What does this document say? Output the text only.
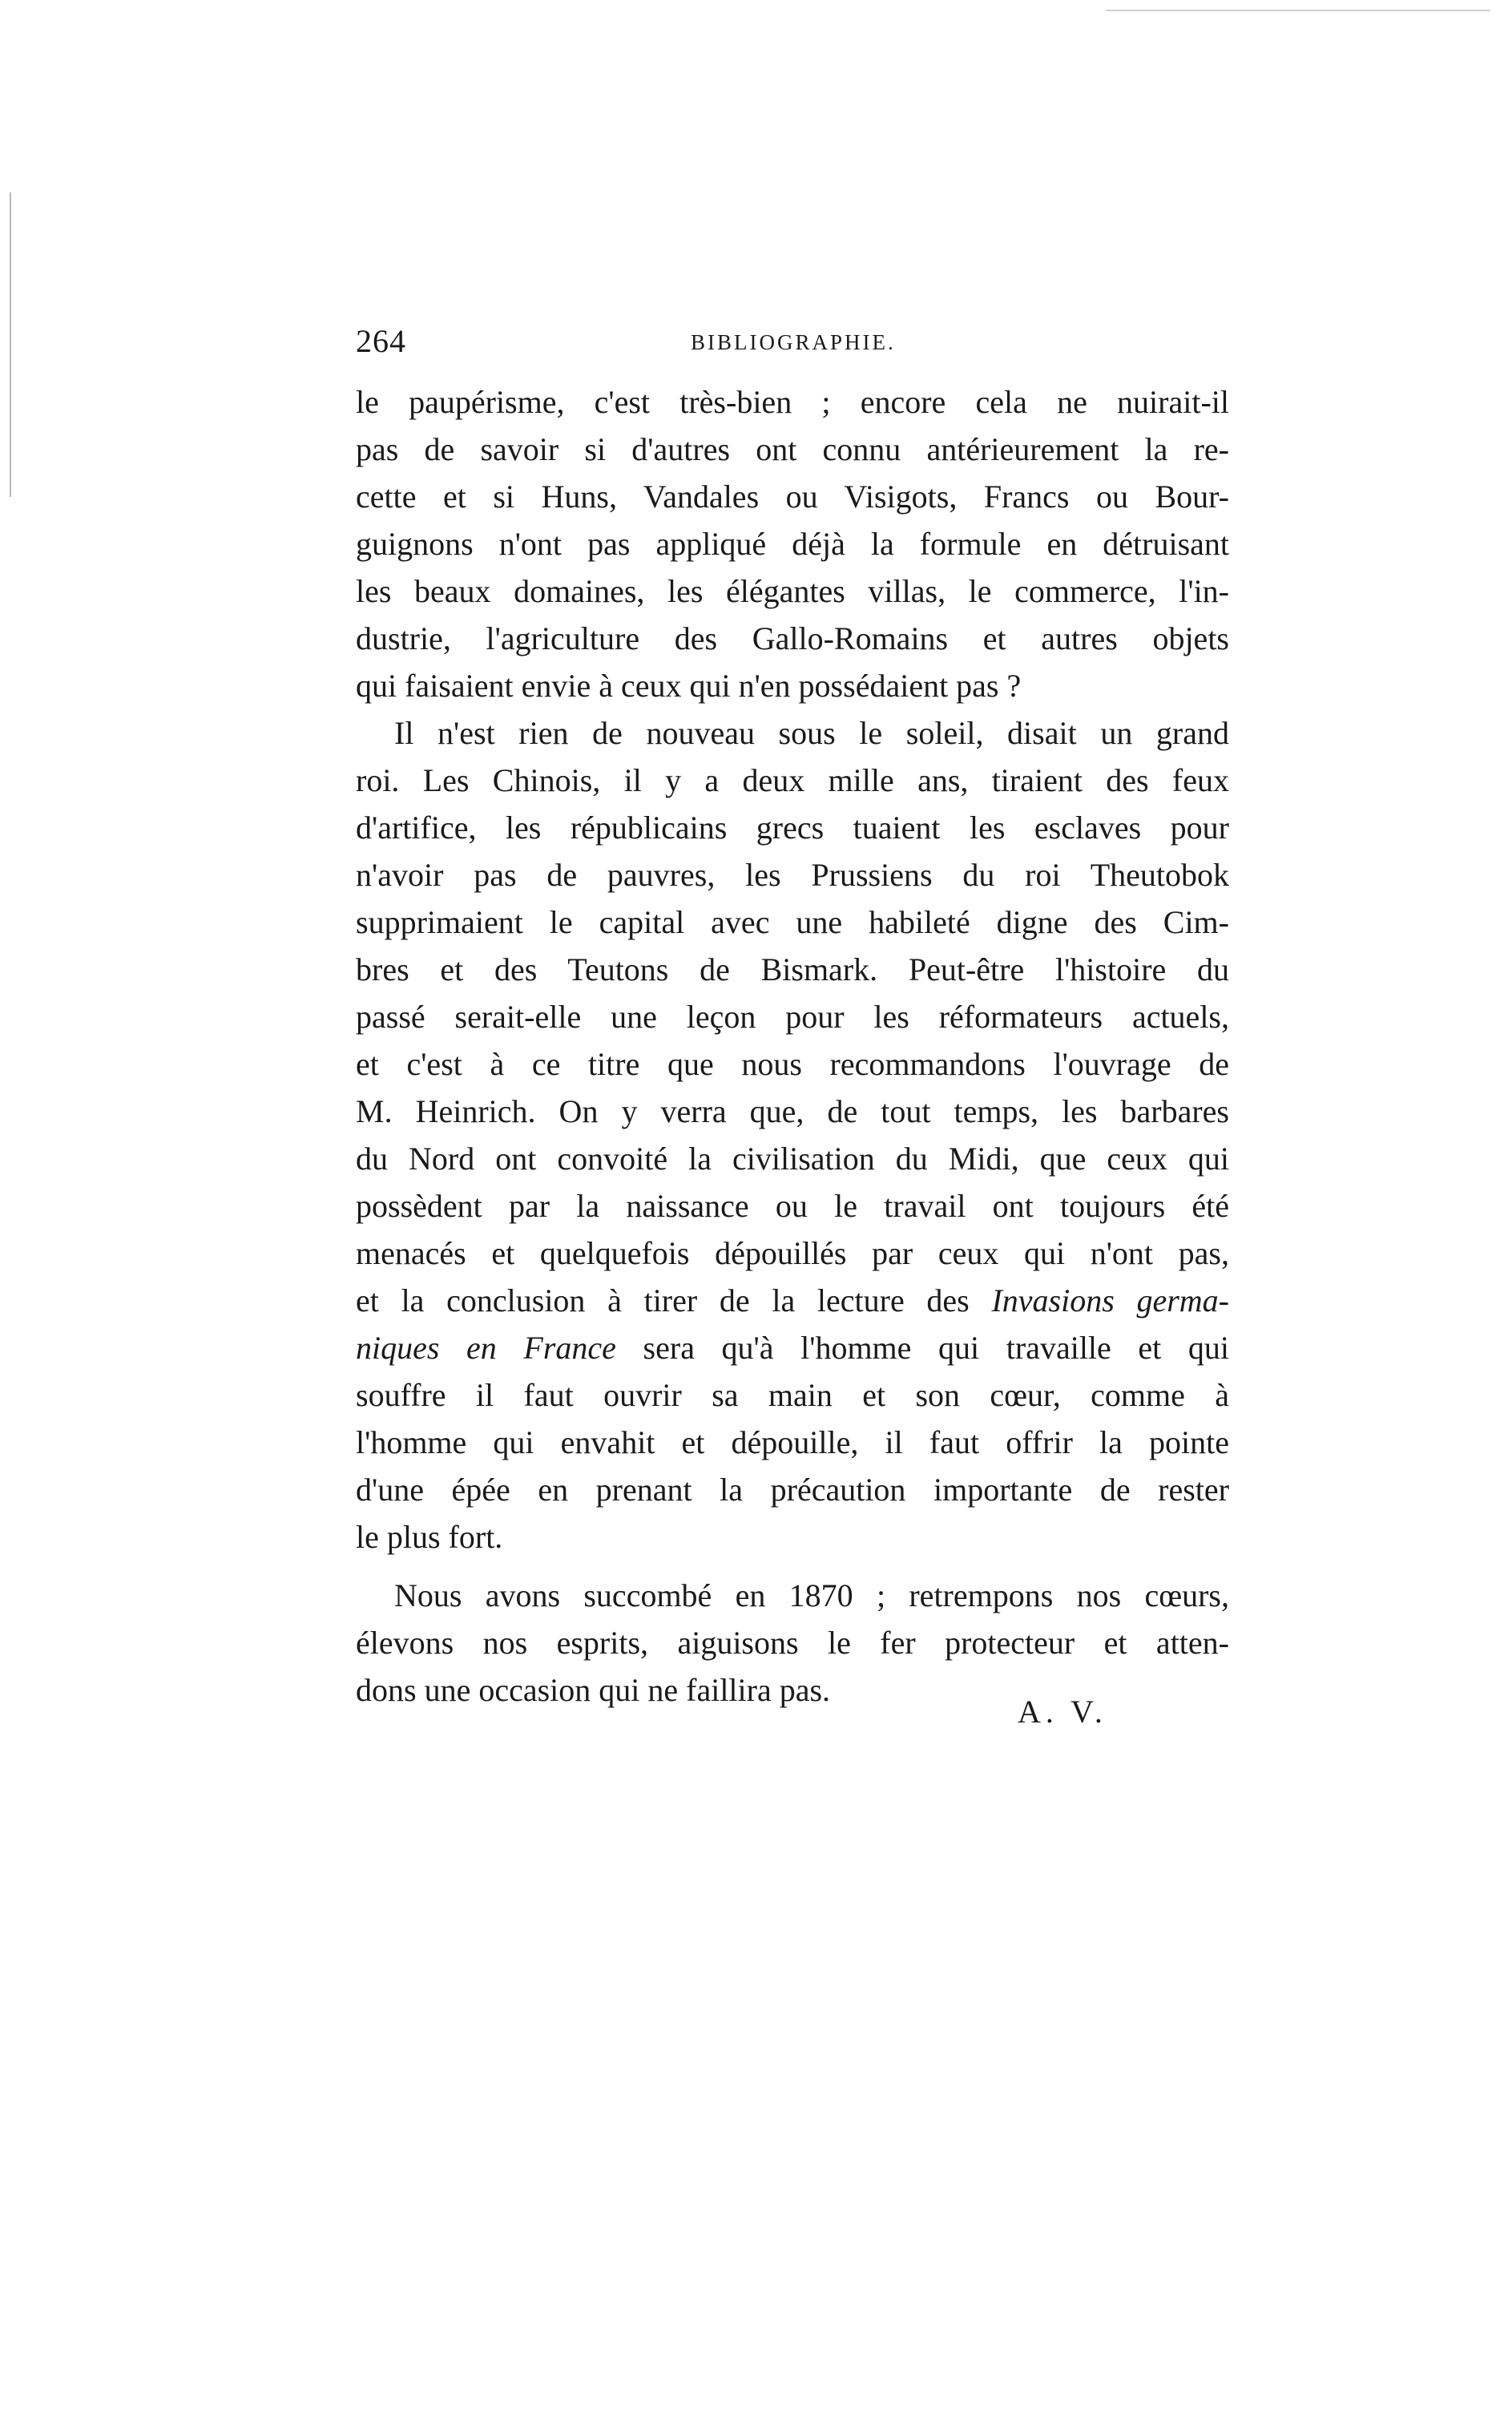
264	BIBLIOGRAPHIE.
le paupérisme, c'est très-bien ; encore cela ne nuirait-il
pas de savoir si d'autres ont connu antérieurement la re-
cette et si Huns, Vandales ou Visigots, Francs ou Bour-
guignons n'ont pas appliqué déjà la formule en détruisant
les beaux domaines, les élégantes villas, le commerce, l'in-
dustrie, l'agriculture des Gallo-Romains et autres objets
qui faisaient envie à ceux qui n'en possédaient pas ?
Il n'est rien de nouveau sous le soleil, disait un grand
roi. Les Chinois, il y a deux mille ans, tiraient des feux
d'artifice, les républicains grecs tuaient les esclaves pour
n'avoir pas de pauvres, les Prussiens du roi Theutobok
supprimaient le capital avec une habileté digne des Cim-
bres et des Teutons de Bismark. Peut-être l'histoire du
passé serait-elle une leçon pour les réformateurs actuels,
et c'est à ce titre que nous recommandons l'ouvrage de
M. Heinrich. On y verra que, de tout temps, les barbares
du Nord ont convoité la civilisation du Midi, que ceux qui
possèdent par la naissance ou le travail ont toujours été
menacés et quelquefois dépouillés par ceux qui n'ont pas,
et la conclusion à tirer de la lecture des Invasions germa-
niques en France sera qu'à l'homme qui travaille et qui
souffre il faut ouvrir sa main et son cœur, comme à
l'homme qui envahit et dépouille, il faut offrir la pointe
d'une épée en prenant la précaution importante de rester
le plus fort.
Nous avons succombé en 1870 ; retrempons nos cœurs,
élevons nos esprits, aiguisons le fer protecteur et atten-
dons une occasion qui ne faillira pas.
A. V.
